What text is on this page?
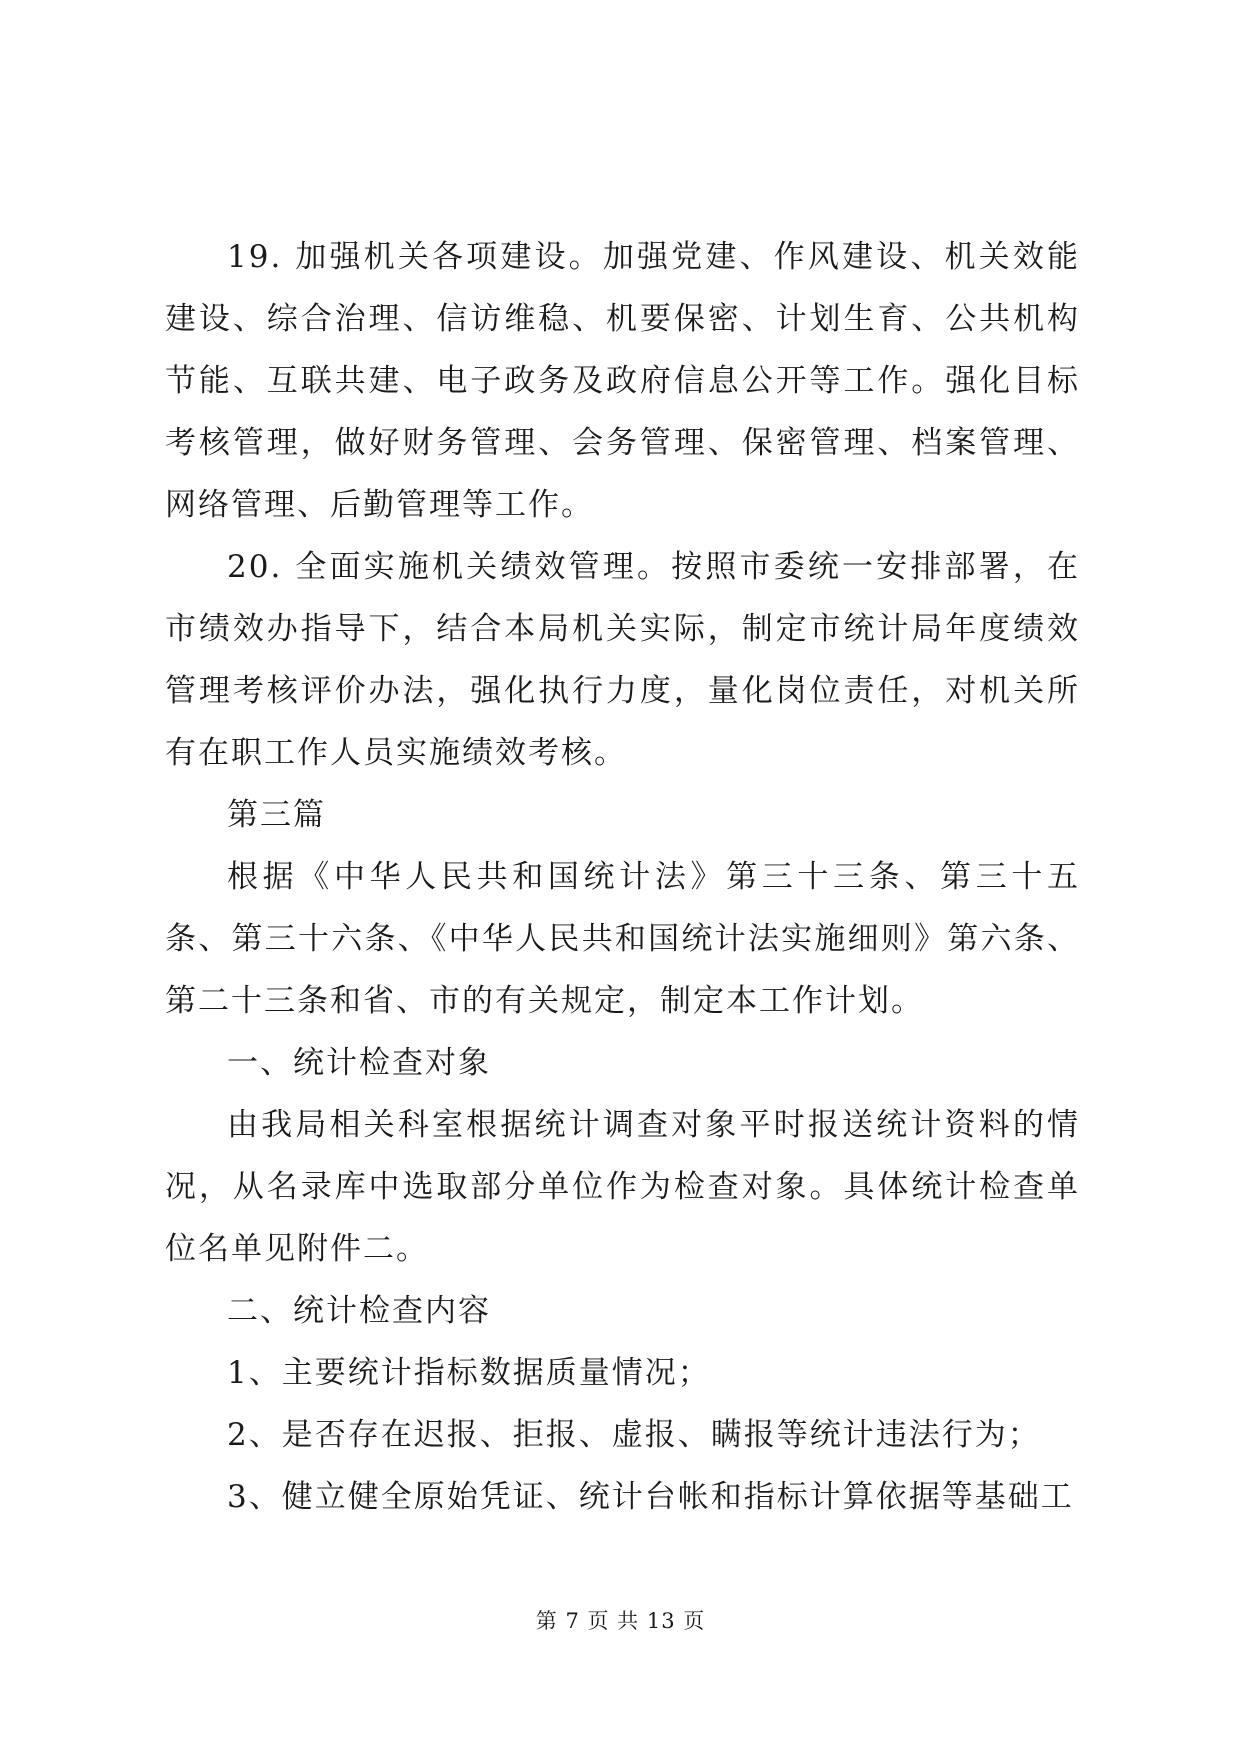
19. 加强机关各项建设。加强党建、作风建设、机关效能建设、综合治理、信访维稳、机要保密、计划生育、公共机构节能、互联共建、电子政务及政府信息公开等工作。强化目标考核管理，做好财务管理、会务管理、保密管理、档案管理、网络管理、后勤管理等工作。

20. 全面实施机关绩效管理。按照市委统一安排部署，在市绩效办指导下，结合本局机关实际，制定市统计局年度绩效管理考核评价办法，强化执行力度，量化岗位责任，对机关所有在职工作人员实施绩效考核。

第三篇

根据《中华人民共和国统计法》第三十三条、第三十五条、第三十六条、《中华人民共和国统计法实施细则》第六条、第二十三条和省、市的有关规定，制定本工作计划。

一、统计检查对象

由我局相关科室根据统计调查对象平时报送统计资料的情况，从名录库中选取部分单位作为检查对象。具体统计检查单位名单见附件二。

二、统计检查内容

1、主要统计指标数据质量情况；

2、是否存在迟报、拒报、虚报、瞒报等统计违法行为；

3、健立健全原始凭证、统计台帐和指标计算依据等基础工

第 7 页 共 13 页
